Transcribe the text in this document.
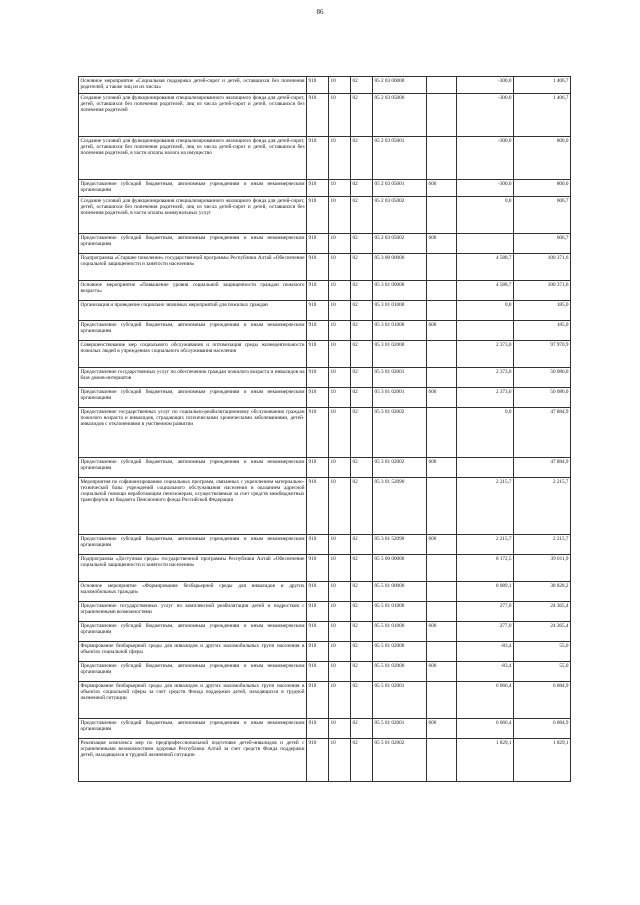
86
Основное мероприятие «Социальная поддержка детей-сирот и детей, оставшихся без попечения родителей, а также лиц из их числа»	910	10	02	05 2 03 00000		-300,0	1 406,7
Создание условий для функционирования специализированного жилищного фонда для детей-сирот, детей, оставшихся без попечения родителей, лиц из числа детей-сирот и детей, оставшихся без попечения родителей	910	10	02	05 2 03 05000		-300,0	1 406,7
Создание условий для функционирования специализированного жилищного фонда для детей-сирот, детей, оставшихся без попечения родителей, лиц из числа детей-сирот и детей, оставшихся без попечения родителей, в части оплаты налога на имущество	910	10	02	05 2 03 05001		-300,0	800,0
Предоставление субсидий бюджетным, автономным учреждениям и иным некоммерческим организациям	910	10	02	05 2 03 05001	600	-300,0	800,0
Создание условий для функционирования специализированного жилищного фонда для детей-сирот, детей, оставшихся без попечения родителей, лиц из числа детей-сирот и детей, оставшихся без попечения родителей, в части оплаты коммунальных услуг	910	10	02	05 2 03 05002		0,0	606,7
Предоставление субсидий бюджетным, автономным учреждениям и иным некоммерческим организациям	910	10	02	05 2 03 05002	600		606,7
Подпрограмма «Старшее поколение» государственной программы Республики Алтай «Обеспечение социальной защищенности и занятости населения»	910	10	02	05 3 00 00000		4 588,7	100 371,6
Основное мероприятие «Повышение уровня социальной защищенности граждан пожилого возраста»	910	10	02	05 3 01 00000		4 588,7	100 371,6
Организация и проведение социально значимых мероприятий для пожилых граждан	910	10	02	05 3 01 01000		0,0	185,0
Предоставление субсидий бюджетным, автономным учреждениям и иным некоммерческим организациям	910	10	02	05 3 01 01000	600		185,0
Совершенствование мер социального обслуживания и оптимизация среды жизнедеятельности пожилых людей в учреждениях социального обслуживания населения	910	10	02	05 3 01 02000		2 373,0	97 970,9
Предоставление государственных услуг по обеспечению граждан пожилого возраста и инвалидов на базе домов-интернатов	910	10	02	05 3 01 02001		2 373,0	50 086,0
Предоставление субсидий бюджетным, автономным учреждениям и иным некоммерческим организациям	910	10	02	05 3 01 02001	600	2 373,0	50 086,0
Предоставление государственных услуг по социально-реабилитационному обслуживанию граждан пожилого возраста и инвалидов, страдающих психическими хроническими заболеваниями, детей-инвалидов с отклонениями в умственном развитии	910	10	02	05 3 01 02002		0,0	47 884,9
Предоставление субсидий бюджетным, автономным учреждениям и иным некоммерческим организациям	910	10	02	05 3 01 02002	600		47 884,9
Мероприятия по софинансированию социальных программ, связанных с укреплением материально-технической базы учреждений социального обслуживания населения и оказанием адресной социальной помощи неработающим пенсионерам, осуществляемые за счет средств межбюджетных трансфертов из бюджета Пенсионного фонда Российской Федерации	910	10	02	05 3 01 52090		2 215,7	2 215,7
Предоставление субсидий бюджетным, автономным учреждениям и иным некоммерческим организациям	910	10	02	05 3 01 52090	600	2 215,7	2 215,7
Подпрограмма «Доступная среда» государственной программы Республики Алтай «Обеспечение социальной защищенности и занятости населения»	910	10	02	05 5 00 00000		8 172,5	39 011,9
Основное мероприятие «Формирование безбарьерной среды для инвалидов и других маломобильных граждан»	910	10	02	05 5 01 00000		8 089,1	38 828,2
Предоставление государственных услуг по комплексной реабилитации детей и подростков с ограниченными возможностями	910	10	02	05 5 01 01000		277,0	24 365,4
Предоставление субсидий бюджетным, автономным учреждениям и иным некоммерческим организациям	910	10	02	05 5 01 01000	600	277,0	24 365,4
Формирование безбарьерной среды для инвалидов и других маломобильных групп населения в объектах социальной сферы	910	10	02	05 5 01 02000		-83,4	55,0
Предоставление субсидий бюджетным, автономным учреждениям и иным некоммерческим организациям	910	10	02	05 5 01 02000	600	-83,4	55,0
Формирование безбарьерной среды для инвалидов и других маломобильных групп населения в объектах социальной сферы за счет средств Фонда поддержки детей, находящихся в трудной жизненной ситуации	910	10	02	05 5 01 02001		6 066,4	6 084,9
Предоставление субсидий бюджетным, автономным учреждениям и иным некоммерческим организациям	910	10	02	05 5 01 02001	600	6 066,4	6 084,9
Реализация комплекса мер по предпрофессиональной подготовке детей-инвалидов и детей с ограниченными возможностями здоровья Республики Алтай за счет средств Фонда поддержки детей, находящихся в трудной жизненной ситуации	910	10	02	05 5 01 02002		1 829,1	1 829,1
